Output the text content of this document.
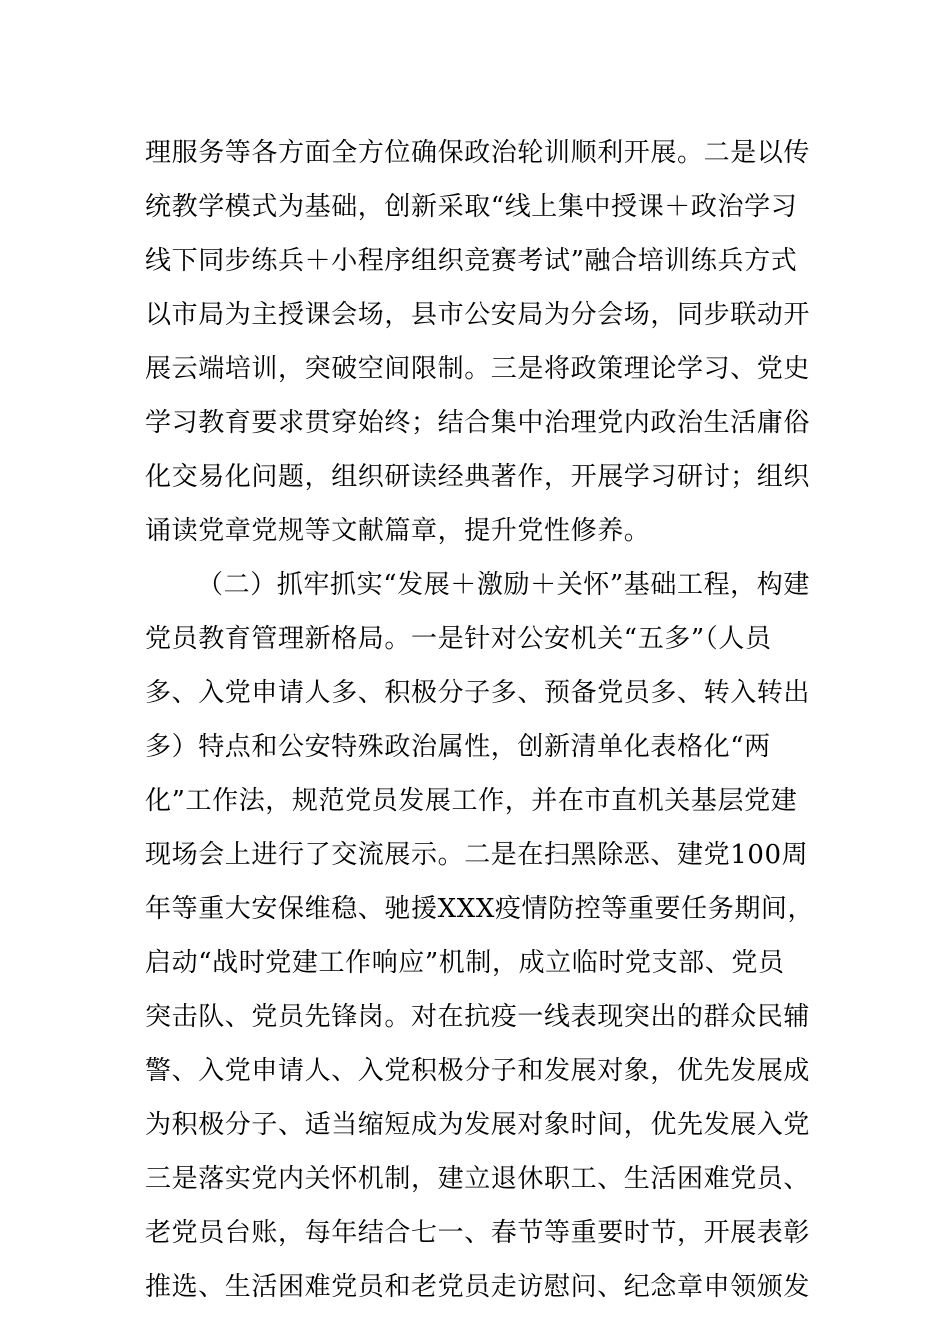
理服务等各方面全方位确保政治轮训顺利开展。二是以传
统教学模式为基础，创新采取“线上集中授课＋政治学习
线下同步练兵＋小程序组织竞赛考试”融合培训练兵方式
以市局为主授课会场，县市公安局为分会场，同步联动开
展云端培训，突破空间限制。三是将政策理论学习、党史
学习教育要求贯穿始终；结合集中治理党内政治生活庸俗
化交易化问题，组织研读经典著作，开展学习研讨；组织
诵读党章党规等文献篇章，提升党性修养。
（二）抓牢抓实“发展＋激励＋关怀”基础工程，构建
党员教育管理新格局。一是针对公安机关“五多”（人员
多、入党申请人多、积极分子多、预备党员多、转入转出
多）特点和公安特殊政治属性，创新清单化表格化“两
化”工作法，规范党员发展工作，并在市直机关基层党建
现场会上进行了交流展示。二是在扫黑除恶、建党100周
年等重大安保维稳、驰援XXX疫情防控等重要任务期间，
启动“战时党建工作响应”机制，成立临时党支部、党员
突击队、党员先锋岗。对在抗疫一线表现突出的群众民辅
警、入党申请人、入党积极分子和发展对象，优先发展成
为积极分子、适当缩短成为发展对象时间，优先发展入党
三是落实党内关怀机制，建立退休职工、生活困难党员、
老党员台账，每年结合七一、春节等重要时节，开展表彰
推选、生活困难党员和老党员走访慰问、纪念章申领颁发
